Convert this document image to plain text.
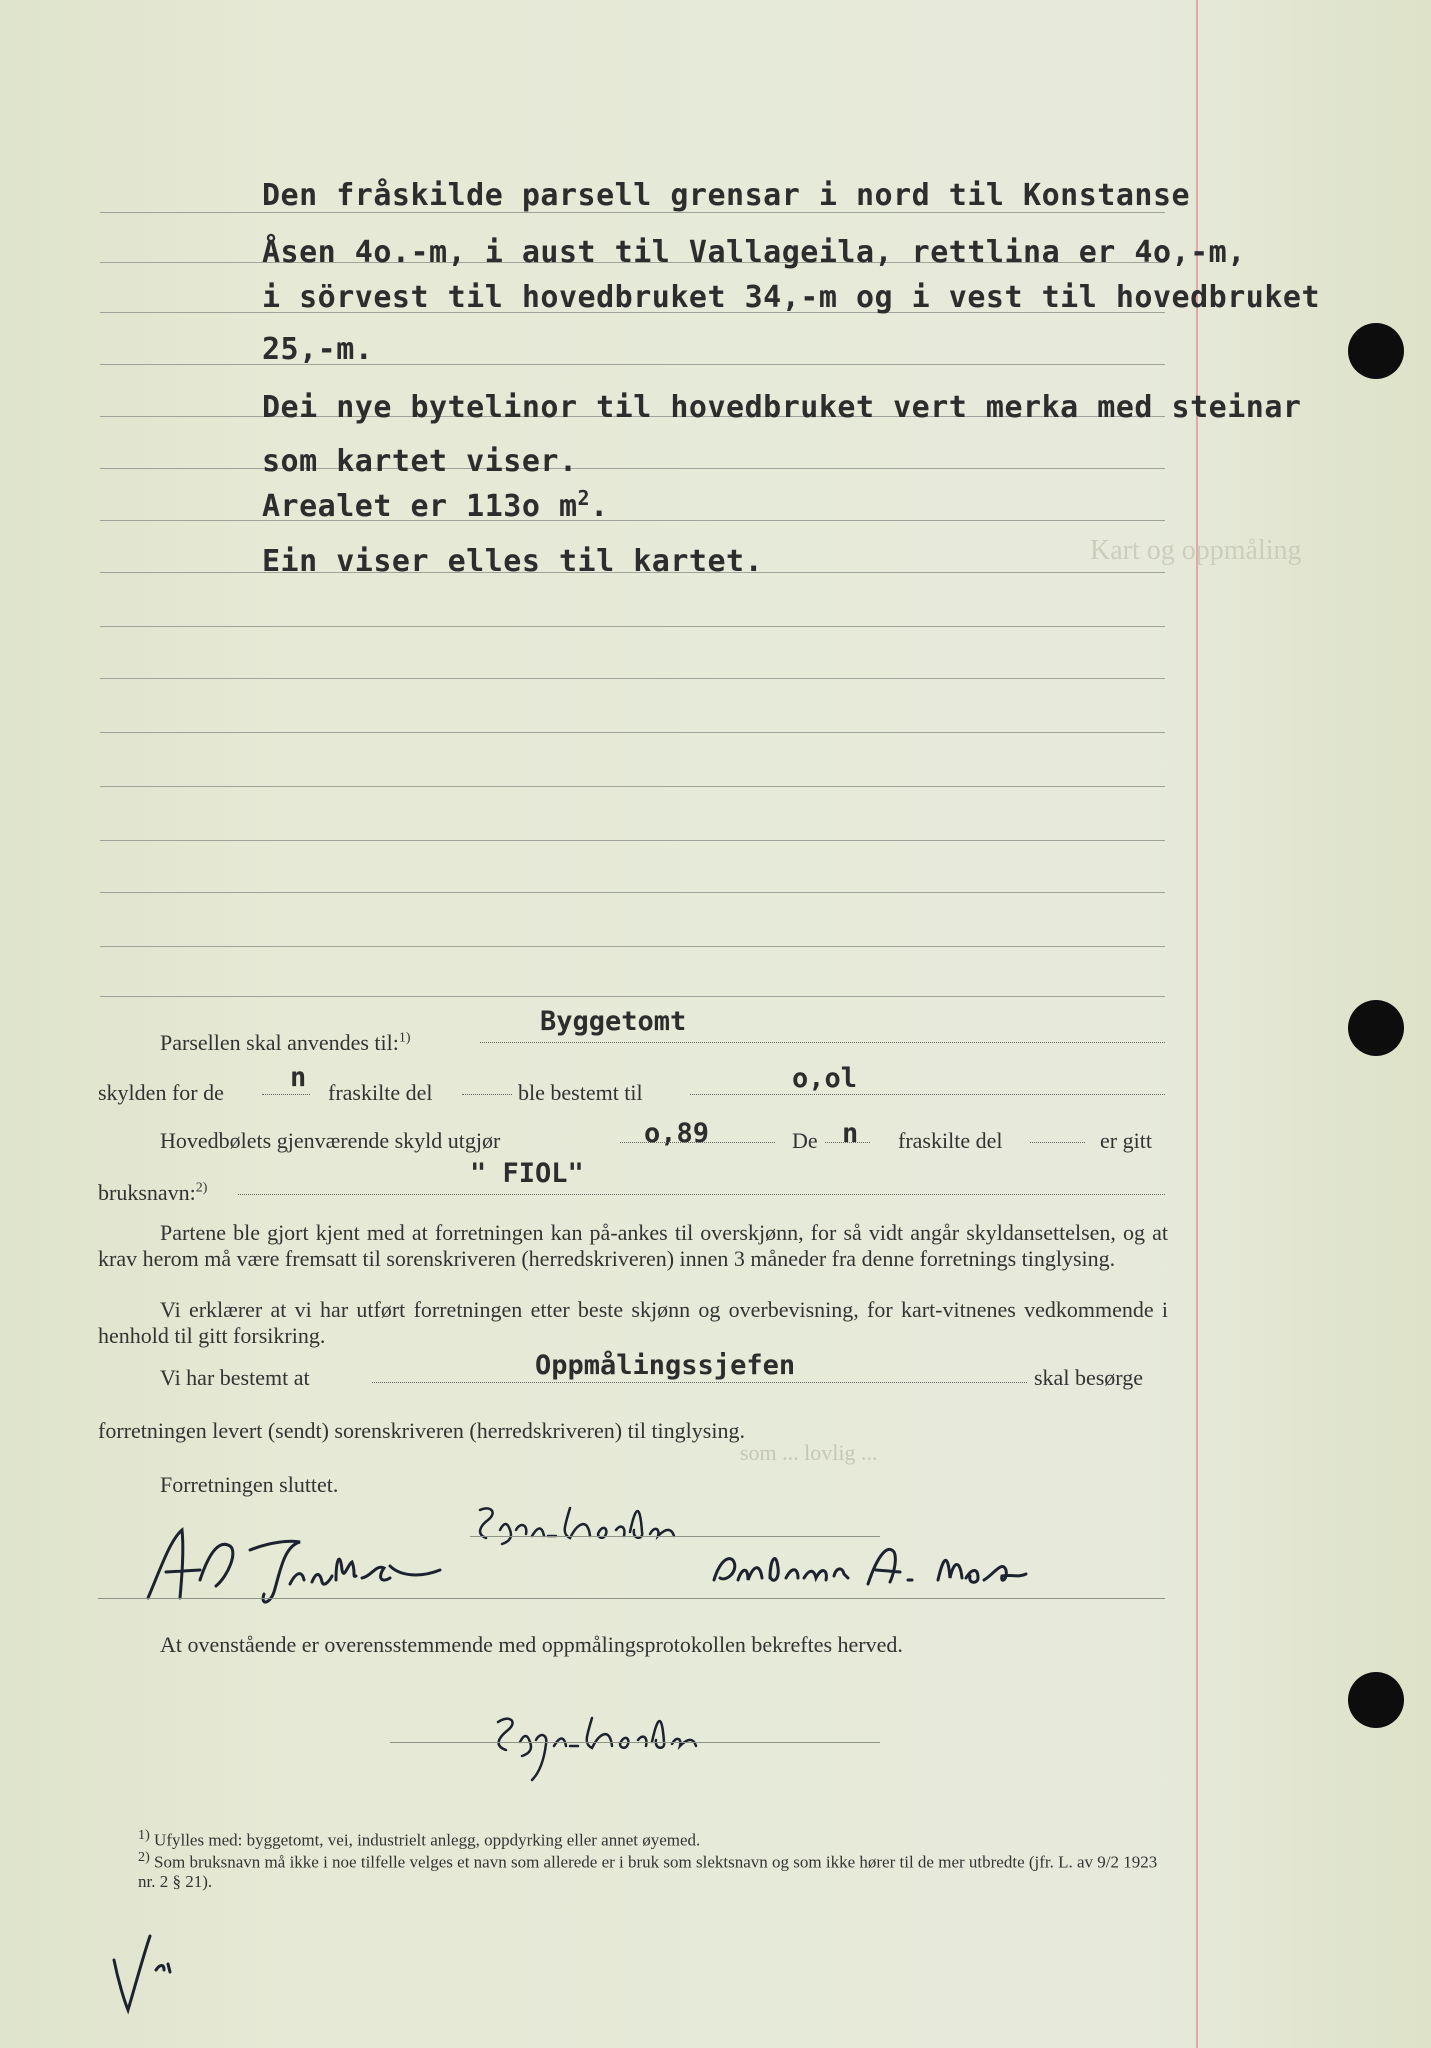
Kart og oppmåling
Den fråskilde parsell grensar i nord til Konstanse
Åsen 4o.-m, i aust til Vallageila, rettlina er 4o,-m,
i sörvest til hovedbruket 34,-m og i vest til hovedbruket
25,-m.
Dei nye bytelinor til hovedbruket vert merka med steinar
som kartet viser.
Arealet er 113o $m^2$.
Ein viser elles til kartet.
Parsellen skal anvendes til:$^{1)}$
Byggetomt
skylden for de n fraskilte del	ble bestemt til	o,ol
Hovedbølets gjenværende skyld utgjør	o,89	De n fraskilte del	er gitt
bruksnavn:$^{2)}$	" FIOL"
Partene ble gjort kjent med at forretningen kan på-ankes til overskjønn, for så vidt angår skyldansettelsen, og at krav herom må være fremsatt til sorenskriveren (herredskriveren) innen 3 måneder fra denne forretnings tinglysing.
Vi erklærer at vi har utført forretningen etter beste skjønn og overbevisning, for kart-vitnenes vedkommende i henhold til gitt forsikring.
Vi har bestemt at	Oppmålingssjefen	skal besørge
forretningen levert (sendt) sorenskriveren (herredskriveren) til tinglysing.
som ... lovlig ...
Forretningen sluttet.
At ovenstående er overensstemmende med oppmålingsprotokollen bekreftes herved.
$^{1)}$ Ufylles med: byggetomt, vei, industrielt anlegg, oppdyrking eller annet øyemed.
$^{2)}$ Som bruksnavn må ikke i noe tilfelle velges et navn som allerede er i bruk som slektsnavn og som ikke hører til de mer utbredte (jfr. L. av 9/2 1923 nr. 2 § 21).
